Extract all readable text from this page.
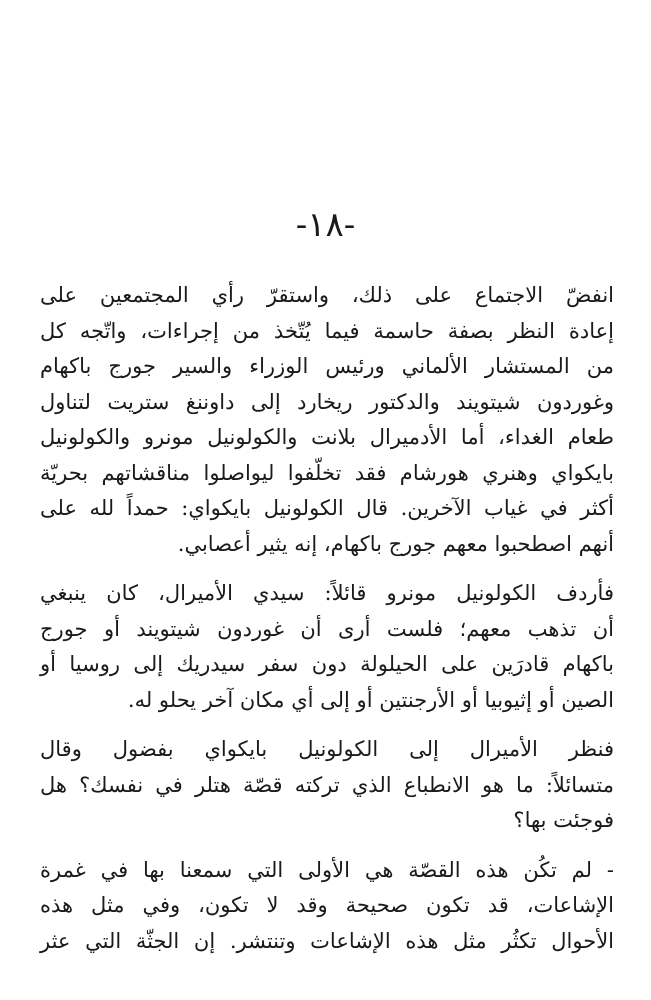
-١٨-

انفضّ الاجتماع على ذلك، واستقرّ رأي المجتمعين على
إعادة النظر بصفة حاسمة فيما يُتّخذ من إجراءات، واتّجه كل
من المستشار الألماني ورئيس الوزراء والسير جورج باكهام
وغوردون شيتويند والدكتور ريخارد إلى داوننغ ستريت لتناول
طعام الغداء، أما الأدميرال بلانت والكولونيل مونرو والكولونيل
بايكواي وهنري هورشام فقد تخلّفوا ليواصلوا مناقشاتهم بحريّة
أكثر في غياب الآخرين. قال الكولونيل بايكواي: حمداً لله على
أنهم اصطحبوا معهم جورج باكهام، إنه يثير أعصابي.

فأردف الكولونيل مونرو قائلاً: سيدي الأميرال، كان ينبغي
أن تذهب معهم؛ فلست أرى أن غوردون شيتويند أو جورج
باكهام قادرَين على الحيلولة دون سفر سيدريك إلى روسيا أو
الصين أو إثيوبيا أو الأرجنتين أو إلى أي مكان آخر يحلو له.

فنظر الأميرال إلى الكولونيل بايكواي بفضول وقال
متسائلاً: ما هو الانطباع الذي تركته قصّة هتلر في نفسك؟ هل
فوجئت بها؟

- لم تكُن هذه القصّة هي الأولى التي سمعنا بها في غمرة
الإشاعات، قد تكون صحيحة وقد لا تكون، وفي مثل هذه
الأحوال تكثُر مثل هذه الإشاعات وتنتشر. إن الجثّة التي عثر
